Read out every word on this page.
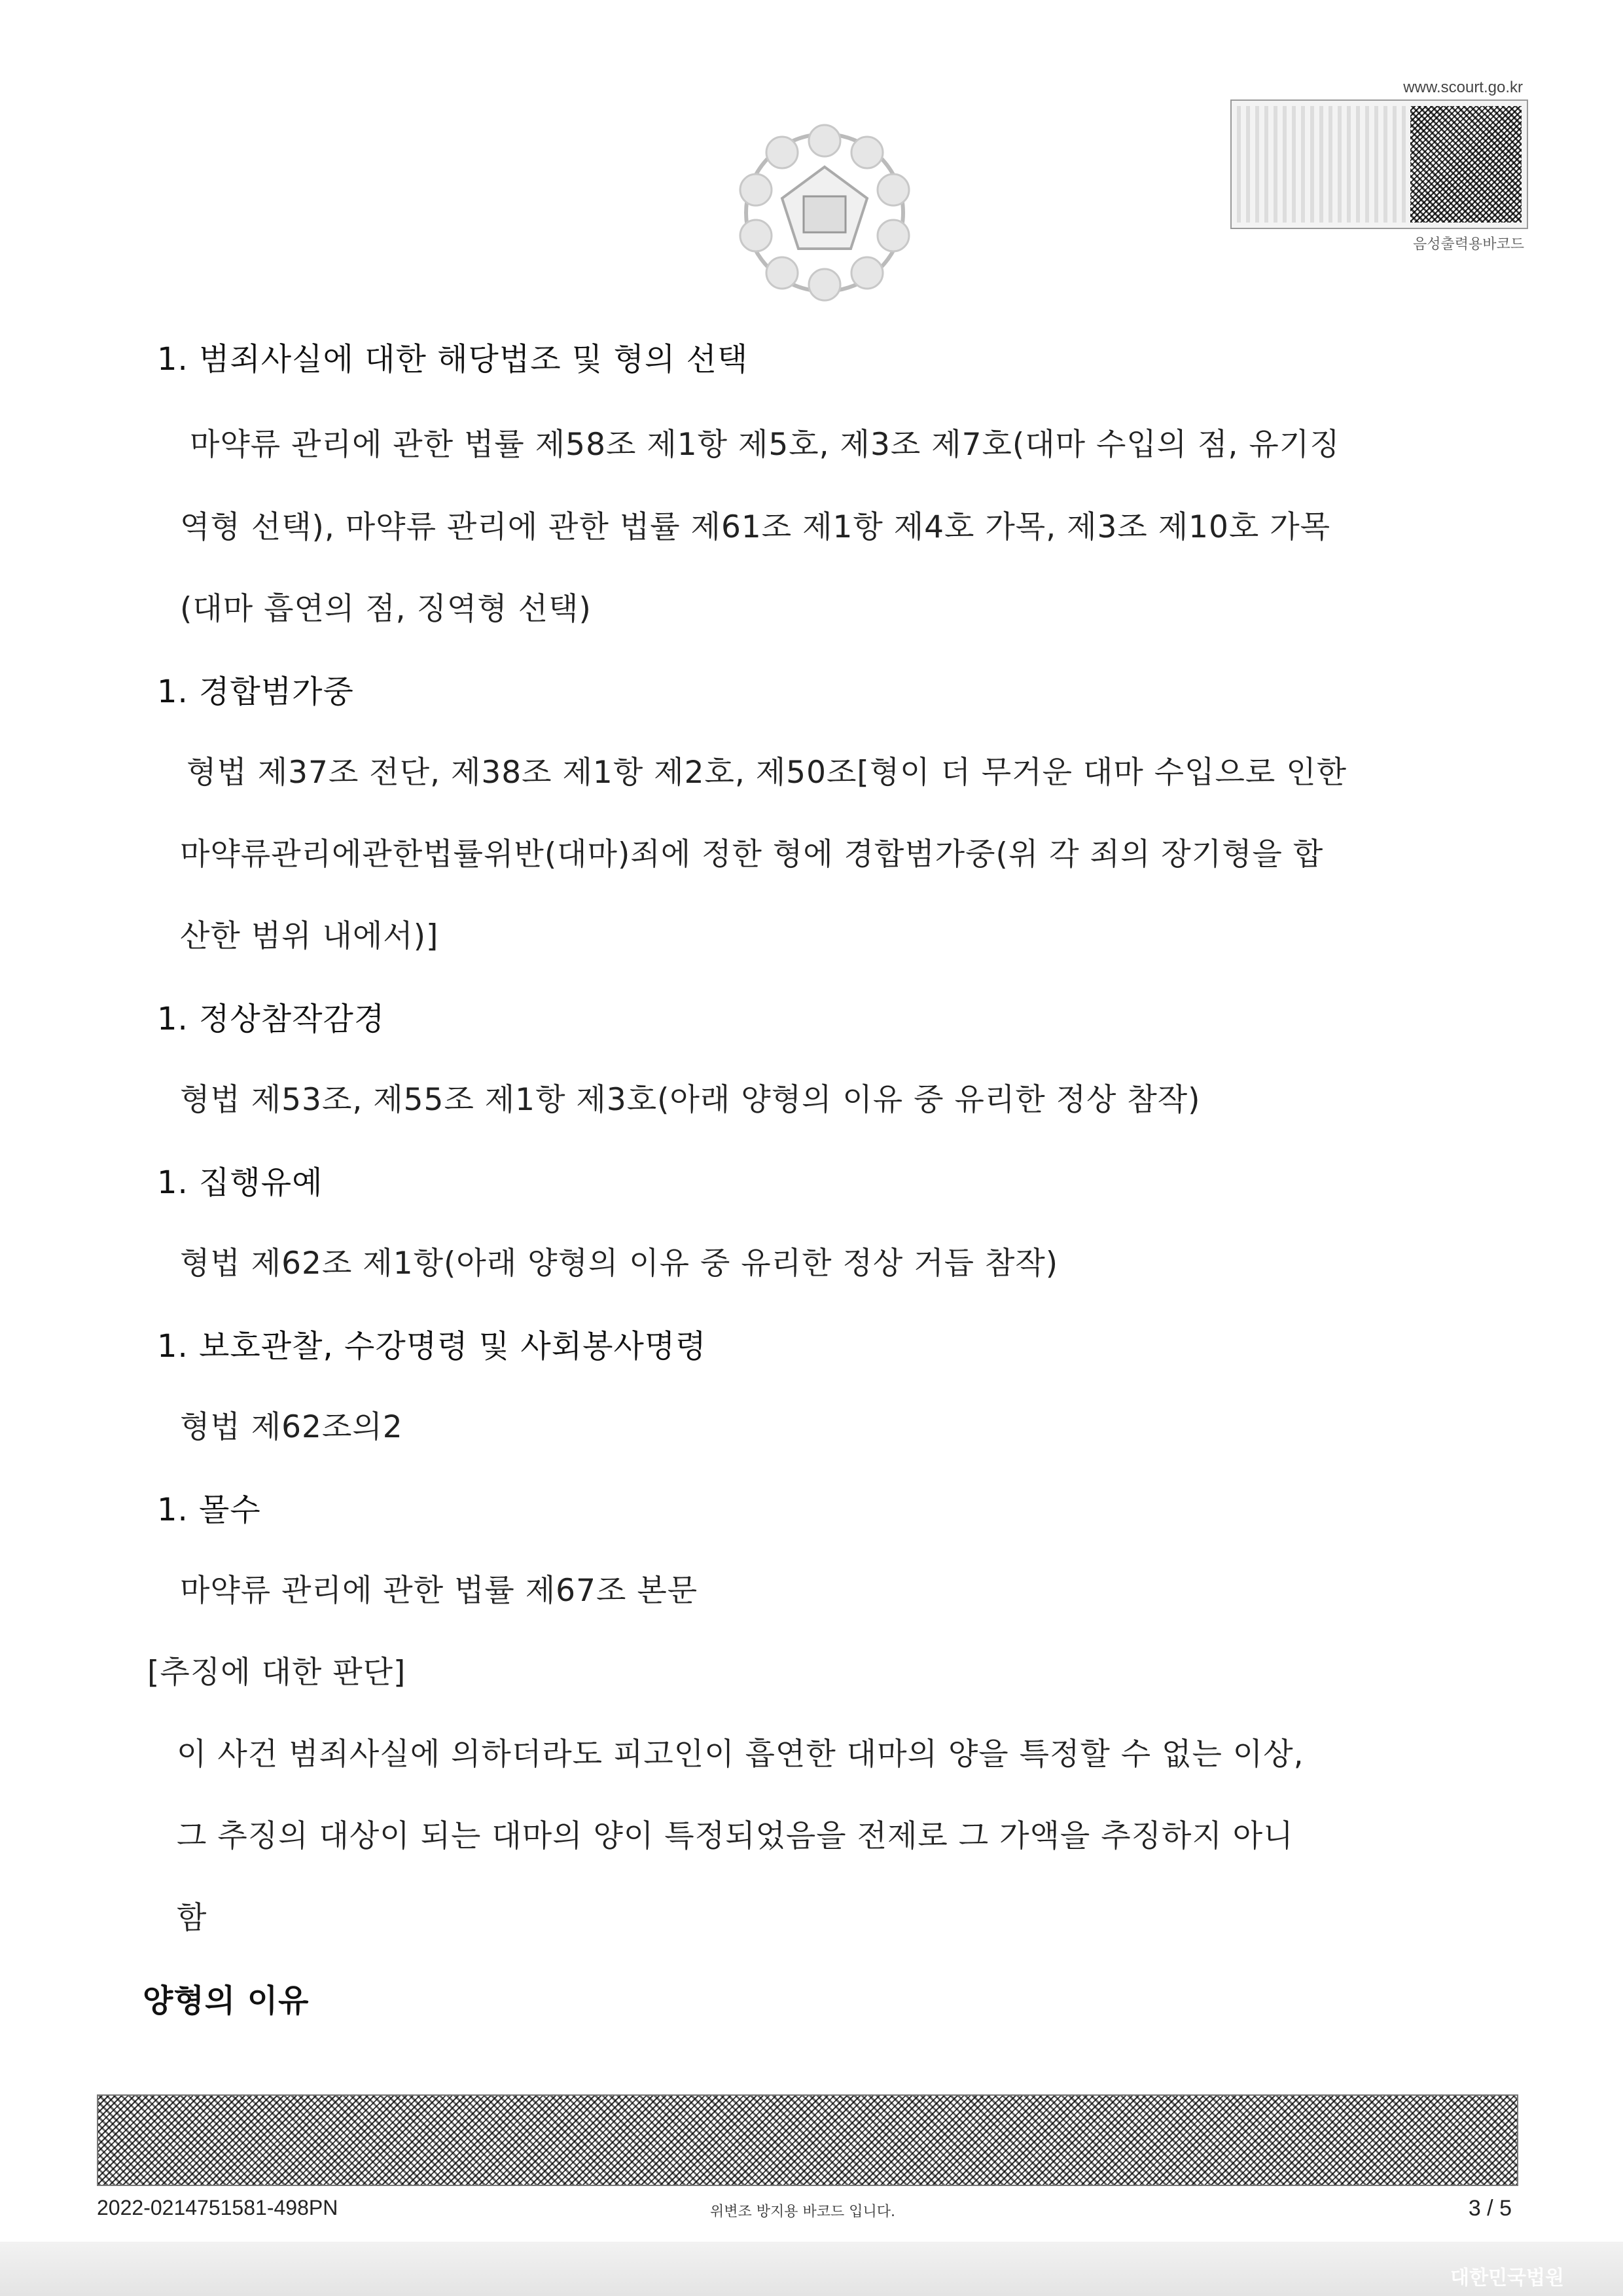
www.scourt.go.kr
음성출력용바코드
1. 범죄사실에 대한 해당법조 및 형의 선택
마약류 관리에 관한 법률 제58조 제1항 제5호, 제3조 제7호(대마 수입의 점, 유기징
역형 선택), 마약류 관리에 관한 법률 제61조 제1항 제4호 가목, 제3조 제10호 가목
(대마 흡연의 점, 징역형 선택)
1. 경합범가중
형법 제37조 전단, 제38조 제1항 제2호, 제50조[형이 더 무거운 대마 수입으로 인한
마약류관리에관한법률위반(대마)죄에 정한 형에 경합범가중(위 각 죄의 장기형을 합
산한 범위 내에서)]
1. 정상참작감경
형법 제53조, 제55조 제1항 제3호(아래 양형의 이유 중 유리한 정상 참작)
1. 집행유예
형법 제62조 제1항(아래 양형의 이유 중 유리한 정상 거듭 참작)
1. 보호관찰, 수강명령 및 사회봉사명령
형법 제62조의2
1. 몰수
마약류 관리에 관한 법률 제67조 본문
[추징에 대한 판단]
이 사건 범죄사실에 의하더라도 피고인이 흡연한 대마의 양을 특정할 수 없는 이상,
그 추징의 대상이 되는 대마의 양이 특정되었음을 전제로 그 가액을 추징하지 아니
함
양형의 이유
2022-0214751581-498PN	위변조 방지용 바코드 입니다.	3 / 5
대한민국법원
